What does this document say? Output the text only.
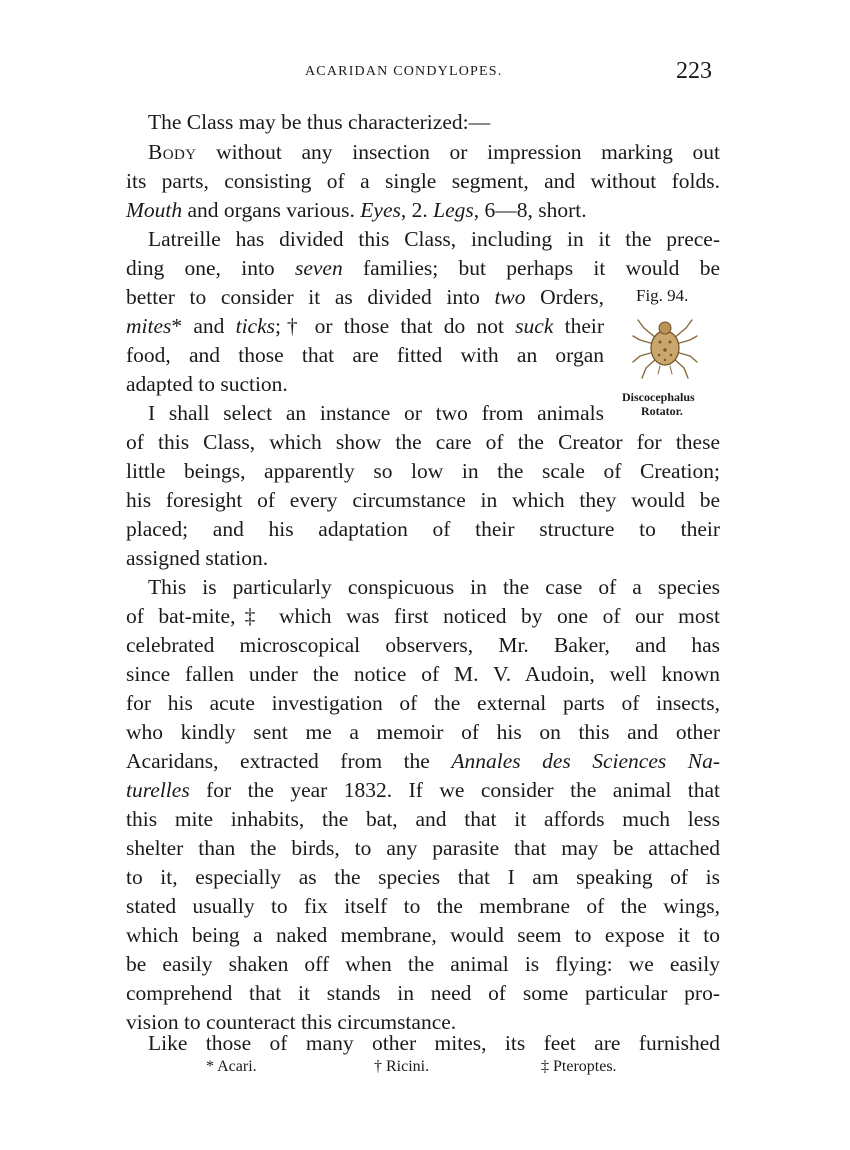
ACARIDAN CONDYLOPES.	223
The Class may be thus characterized:—
Body without any insection or impression marking out
its parts, consisting of a single segment, and without folds.
Mouth and organs various. Eyes, 2. Legs, 6—8, short.
Latreille has divided this Class, including in it the prece-
ding one, into seven families; but perhaps it would be
better to consider it as divided into two Orders,
mites* and ticks;† or those that do not suck their
food, and those that are fitted with an organ
adapted to suction.
I shall select an instance or two from animals
of this Class, which show the care of the Creator for these
little beings, apparently so low in the scale of Creation;
his foresight of every circumstance in which they would be
placed; and his adaptation of their structure to their
assigned station.
This is particularly conspicuous in the case of a species
of bat-mite,‡ which was first noticed by one of our most
celebrated microscopical observers, Mr. Baker, and has
since fallen under the notice of M. V. Audoin, well known
for his acute investigation of the external parts of insects,
who kindly sent me a memoir of his on this and other
Acaridans, extracted from the Annales des Sciences Na-
turelles for the year 1832. If we consider the animal that
this mite inhabits, the bat, and that it affords much less
shelter than the birds, to any parasite that may be attached
to it, especially as the species that I am speaking of is
stated usually to fix itself to the membrane of the wings,
which being a naked membrane, would seem to expose it to
be easily shaken off when the animal is flying: we easily
comprehend that it stands in need of some particular pro-
vision to counteract this circumstance.
Like those of many other mites, its feet are furnished
Fig. 94.
Discocephalus
Rotator.
* Acari.	† Ricini.	‡ Pteroptes.
